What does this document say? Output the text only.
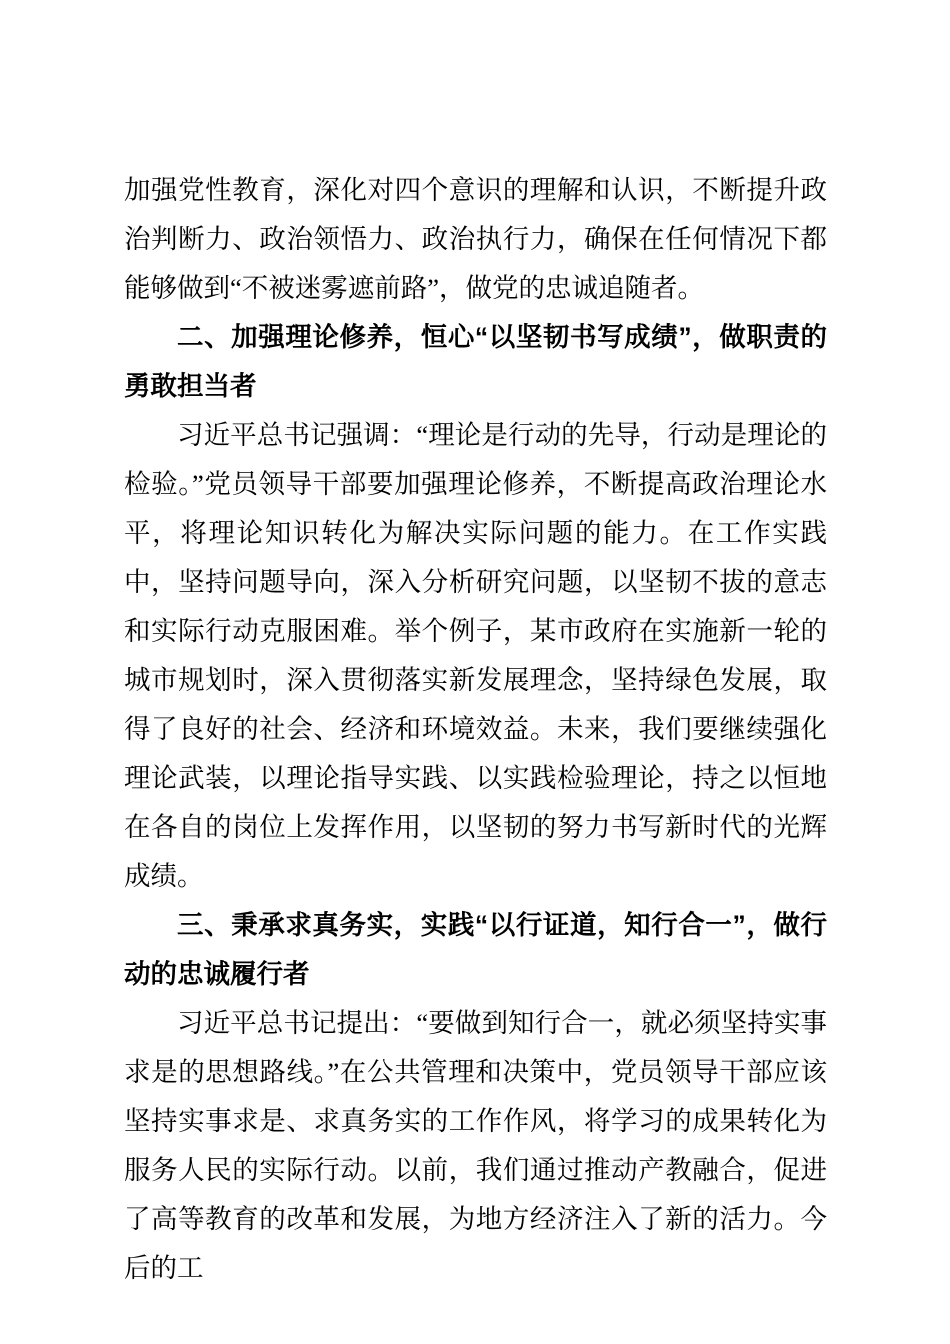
加强党性教育，深化对四个意识的理解和认识，不断提升政治判断力、政治领悟力、政治执行力，确保在任何情况下都能够做到“不被迷雾遮前路”，做党的忠诚追随者。

二、加强理论修养，恒心“以坚韧书写成绩”，做职责的勇敢担当者

习近平总书记强调：“理论是行动的先导，行动是理论的检验。”党员领导干部要加强理论修养，不断提高政治理论水平，将理论知识转化为解决实际问题的能力。在工作实践中，坚持问题导向，深入分析研究问题，以坚韧不拔的意志和实际行动克服困难。举个例子，某市政府在实施新一轮的城市规划时，深入贯彻落实新发展理念，坚持绿色发展，取得了良好的社会、经济和环境效益。未来，我们要继续强化理论武装，以理论指导实践、以实践检验理论，持之以恒地在各自的岗位上发挥作用，以坚韧的努力书写新时代的光辉成绩。

三、秉承求真务实，实践“以行证道，知行合一”，做行动的忠诚履行者

习近平总书记提出：“要做到知行合一，就必须坚持实事求是的思想路线。”在公共管理和决策中，党员领导干部应该坚持实事求是、求真务实的工作作风，将学习的成果转化为服务人民的实际行动。以前，我们通过推动产教融合，促进了高等教育的改革和发展，为地方经济注入了新的活力。今后的工
